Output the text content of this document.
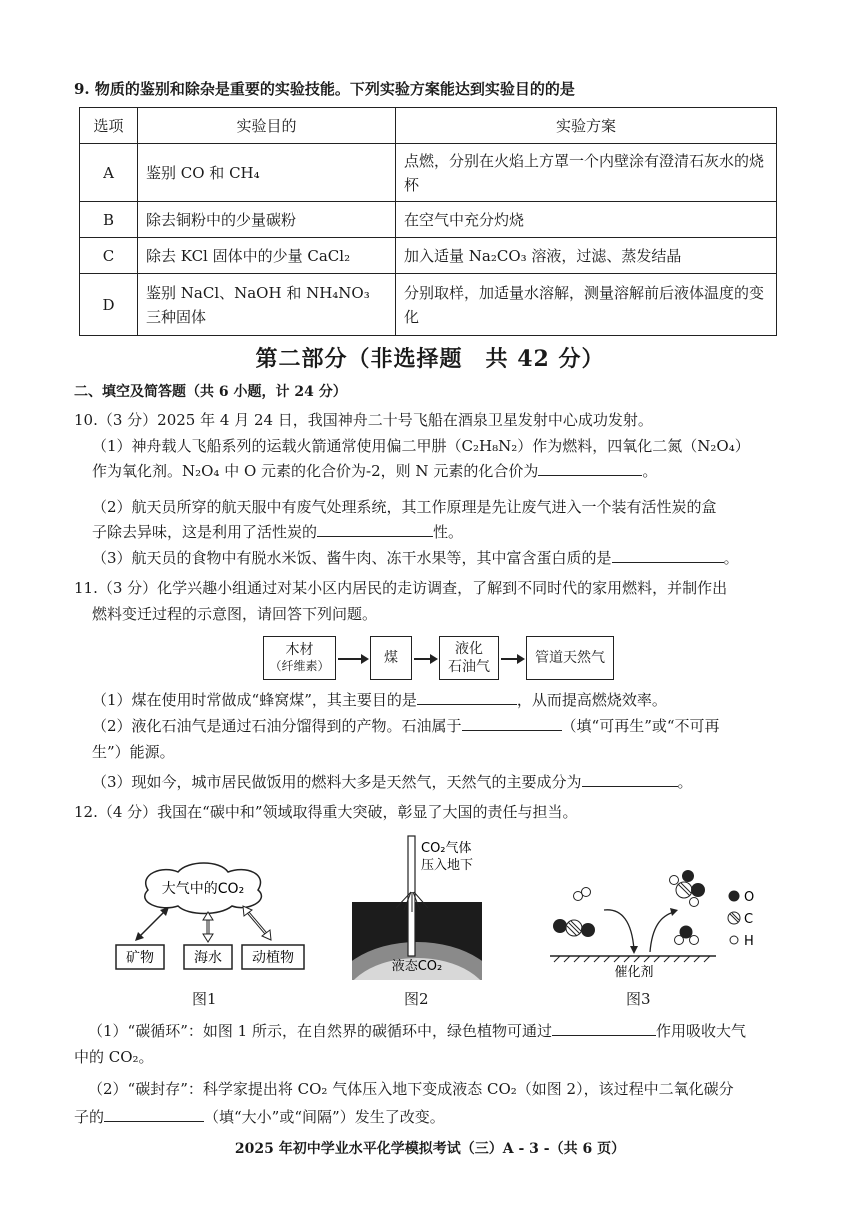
9. 物质的鉴别和除杂是重要的实验技能。下列实验方案能达到实验目的的是
选项	实验目的	实验方案
A	鉴别 CO 和 CH₄	点燃，分别在火焰上方罩一个内壁涂有澄清石灰水的烧杯
B	除去铜粉中的少量碳粉	在空气中充分灼烧
C	除去 KCl 固体中的少量 CaCl₂	加入适量 Na₂CO₃ 溶液，过滤、蒸发结晶
D	鉴别 NaCl、NaOH 和 NH₄NO₃ 三种固体	分别取样，加适量水溶解，测量溶解前后液体温度的变化
第二部分（非选择题　共 42 分）
二、填空及简答题（共 6 小题，计 24 分）
10.（3 分）2025 年 4 月 24 日，我国神舟二十号飞船在酒泉卫星发射中心成功发射。
（1）神舟载人飞船系列的运载火箭通常使用偏二甲肼（C₂H₈N₂）作为燃料，四氧化二氮（N₂O₄）
作为氧化剂。N₂O₄ 中 O 元素的化合价为-2，则 N 元素的化合价为	。
（2）航天员所穿的航天服中有废气处理系统，其工作原理是先让废气进入一个装有活性炭的盒
子除去异味，这是利用了活性炭的	性。
（3）航天员的食物中有脱水米饭、酱牛肉、冻干水果等，其中富含蛋白质的是	。
11.（3 分）化学兴趣小组通过对某小区内居民的走访调查，了解到不同时代的家用燃料，并制作出
燃料变迁过程的示意图，请回答下列问题。
木材
（纤维素）
煤
液化
石油气
管道天然气
（1）煤在使用时常做成“蜂窝煤”，其主要目的是	，从而提高燃烧效率。
（2）液化石油气是通过石油分馏得到的产物。石油属于	（填“可再生”或“不可再
生”）能源。
（3）现如今，城市居民做饭用的燃料大多是天然气，天然气的主要成分为	。
12.（4 分）我国在“碳中和”领域取得重大突破，彰显了大国的责任与担当。
大气中的CO₂
矿物	海水 动植物
图1
CO₂气体
压入地下
液态CO₂
图2
催化剂
O
C
H
图3
（1）“碳循环”：如图 1 所示，在自然界的碳循环中，绿色植物可通过	作用吸收大气
中的 CO₂。
（2）“碳封存”：科学家提出将 CO₂ 气体压入地下变成液态 CO₂（如图 2），该过程中二氧化碳分
子的	（填“大小”或“间隔”）发生了改变。
2025 年初中学业水平化学模拟考试（三）A - 3 -（共 6 页）
